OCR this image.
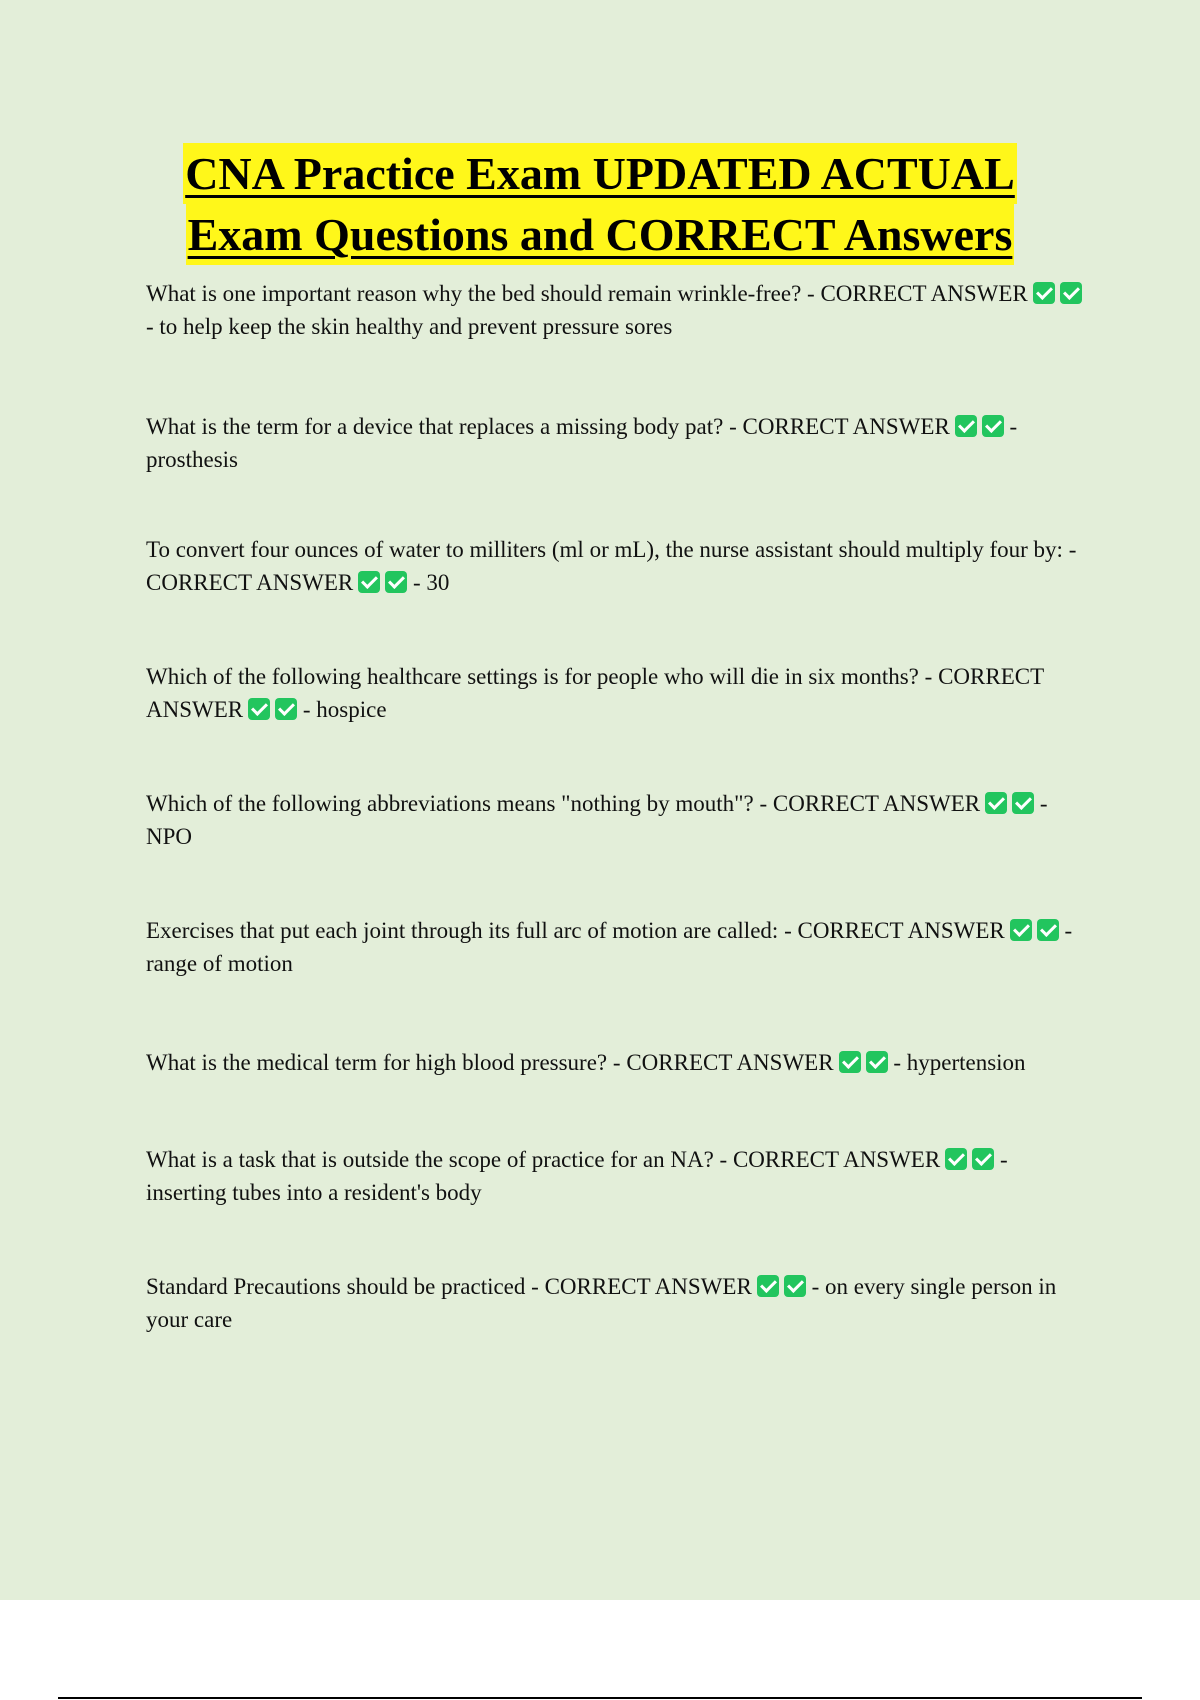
CNA Practice Exam UPDATED ACTUAL
Exam Questions and CORRECT Answers
What is one important reason why the bed should remain wrinkle-free? - CORRECT ANSWER - to help keep the skin healthy and prevent pressure sores
What is the term for a device that replaces a missing body pat? - CORRECT ANSWER - prosthesis
To convert four ounces of water to milliters (ml or mL), the nurse assistant should multiply four by: - CORRECT ANSWER - 30
Which of the following healthcare settings is for people who will die in six months? - CORRECT ANSWER - hospice
Which of the following abbreviations means "nothing by mouth"? - CORRECT ANSWER - NPO
Exercises that put each joint through its full arc of motion are called: - CORRECT ANSWER - range of motion
What is the medical term for high blood pressure? - CORRECT ANSWER - hypertension
What is a task that is outside the scope of practice for an NA? - CORRECT ANSWER - inserting tubes into a resident's body
Standard Precautions should be practiced - CORRECT ANSWER - on every single person in your care
